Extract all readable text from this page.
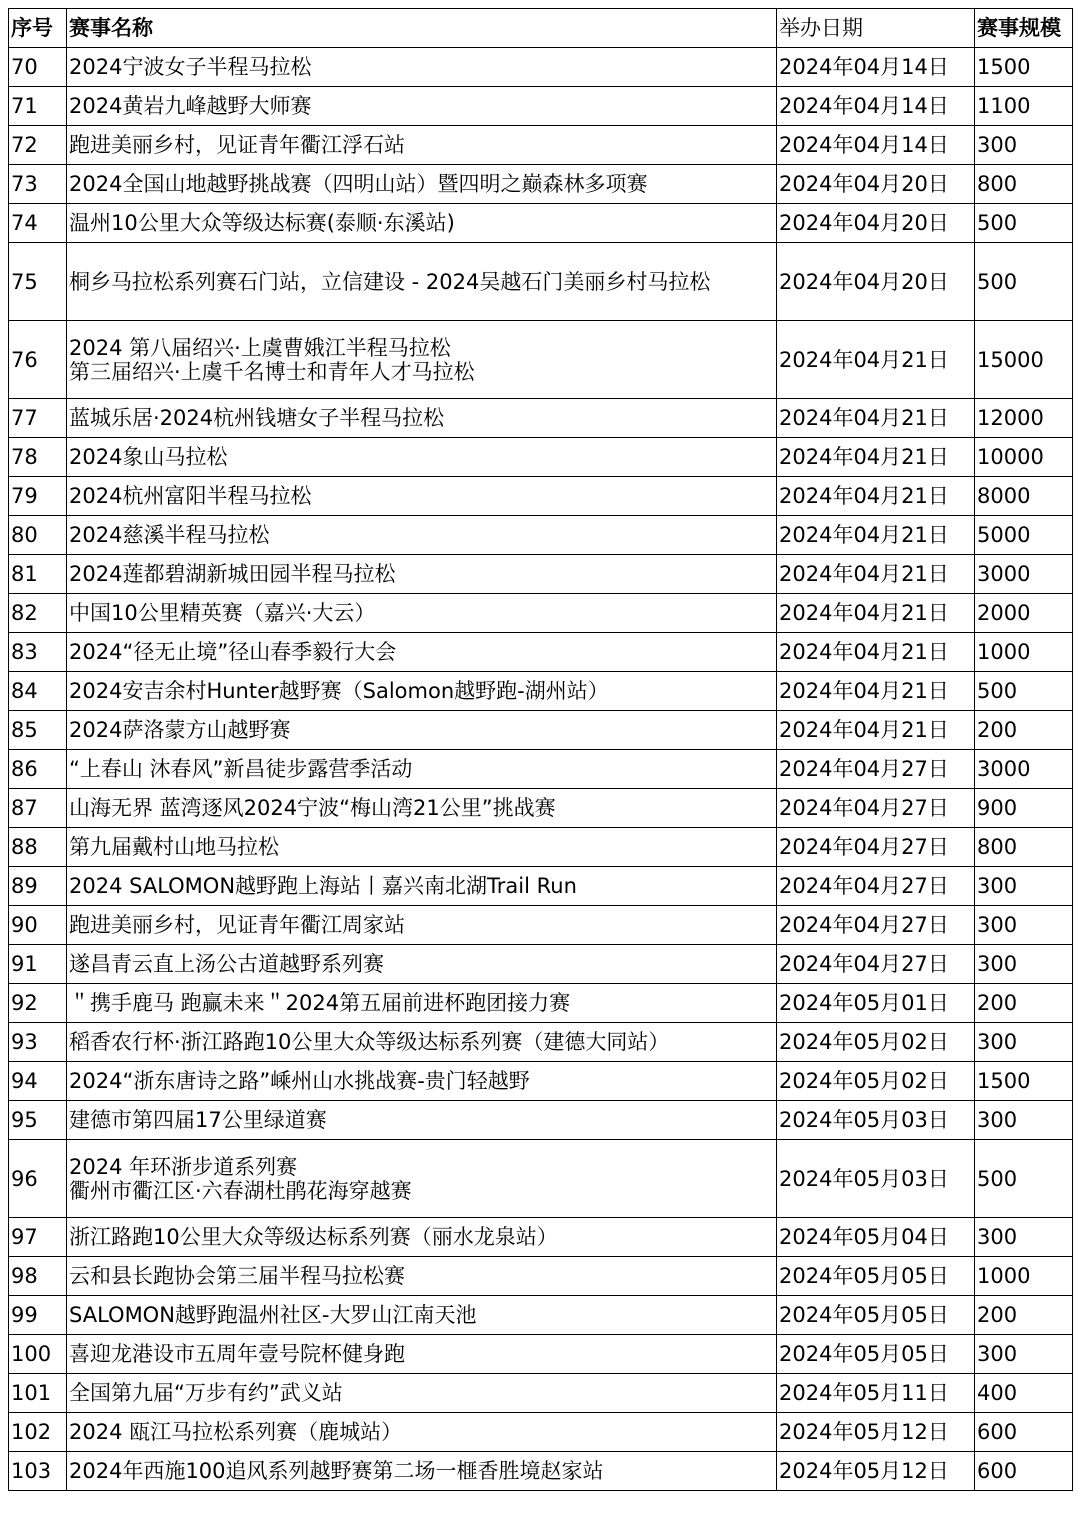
序号	赛事名称	举办日期	赛事规模
70	2024宁波女子半程马拉松	2024年04月14日	1500
71	2024黄岩九峰越野大师赛	2024年04月14日	1100
72	跑进美丽乡村，见证青年衢江浮石站	2024年04月14日	300
73	2024全国山地越野挑战赛（四明山站）暨四明之巅森林多项赛	2024年04月20日	800
74	温州10公里大众等级达标赛(泰顺·东溪站)	2024年04月20日	500
75	桐乡马拉松系列赛石门站，立信建设 - 2024吴越石门美丽乡村马拉松	2024年04月20日	500
76	2024 第八届绍兴·上虞曹娥江半程马拉松
第三届绍兴·上虞千名博士和青年人才马拉松	2024年04月21日	15000
77	蓝城乐居·2024杭州钱塘女子半程马拉松	2024年04月21日	12000
78	2024象山马拉松	2024年04月21日	10000
79	2024杭州富阳半程马拉松	2024年04月21日	8000
80	2024慈溪半程马拉松	2024年04月21日	5000
81	2024莲都碧湖新城田园半程马拉松	2024年04月21日	3000
82	中国10公里精英赛（嘉兴·大云）	2024年04月21日	2000
83	2024“径无止境”径山春季毅行大会	2024年04月21日	1000
84	2024安吉余村Hunter越野赛（Salomon越野跑-湖州站）	2024年04月21日	500
85	2024萨洛蒙方山越野赛	2024年04月21日	200
86	“上春山 沐春风”新昌徒步露营季活动	2024年04月27日	3000
87	山海无界 蓝湾逐风2024宁波“梅山湾21公里”挑战赛	2024年04月27日	900
88	第九届戴村山地马拉松	2024年04月27日	800
89	2024 SALOMON越野跑上海站丨嘉兴南北湖Trail Run	2024年04月27日	300
90	跑进美丽乡村，见证青年衢江周家站	2024年04月27日	300
91	遂昌青云直上汤公古道越野系列赛	2024年04月27日	300
92	＂携手鹿马 跑赢未来＂2024第五届前进杯跑团接力赛	2024年05月01日	200
93	稻香农行杯·浙江路跑10公里大众等级达标系列赛（建德大同站）	2024年05月02日	300
94	2024“浙东唐诗之路”嵊州山水挑战赛-贵门轻越野	2024年05月02日	1500
95	建德市第四届17公里绿道赛	2024年05月03日	300
96	2024 年环浙步道系列赛
衢州市衢江区·六春湖杜鹃花海穿越赛	2024年05月03日	500
97	浙江路跑10公里大众等级达标系列赛（丽水龙泉站）	2024年05月04日	300
98	云和县长跑协会第三届半程马拉松赛	2024年05月05日	1000
99	SALOMON越野跑温州社区-大罗山江南天池	2024年05月05日	200
100	喜迎龙港设市五周年壹号院杯健身跑	2024年05月05日	300
101	全国第九届“万步有约”武义站	2024年05月11日	400
102	2024 瓯江马拉松系列赛（鹿城站）	2024年05月12日	600
103	2024年西施100追风系列越野赛第二场一榧香胜境赵家站	2024年05月12日	600
